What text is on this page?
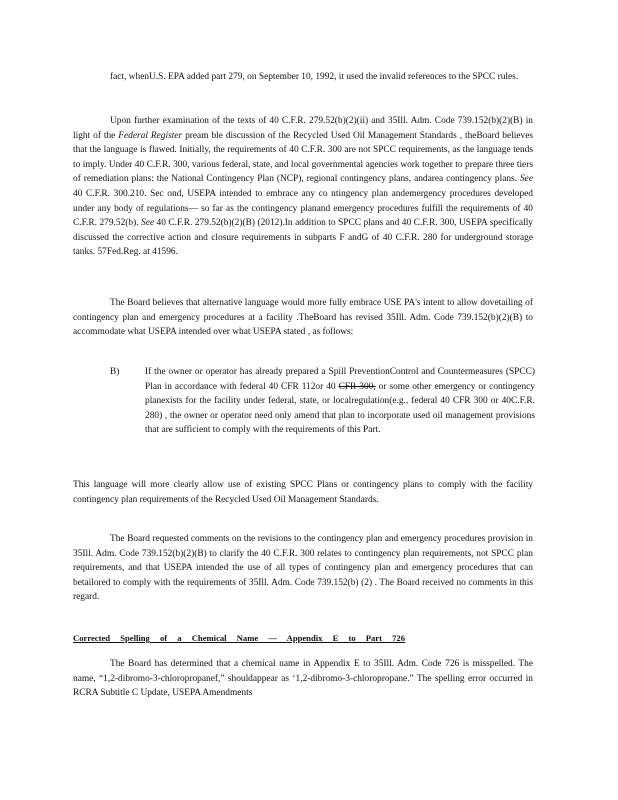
fact, whenU.S. EPA added part 279, on September 10, 1992, it used the invalid references to the SPCC rules.

Upon further examination of the texts of 40 C.F.R. 279.52(b)(2)(ii) and 35Ill. Adm. Code 739.152(b)(2)(B) in light of the Federal Register pream ble discussion of the Recycled Used Oil Management Standards , theBoard believes that the language is flawed. Initially, the requirements of 40 C.F.R. 300 are not SPCC requirements, as the language tends to imply. Under 40 C.F.R. 300, various federal, state, and local governmental agencies work together to prepare three tiers of remediation plans: the National Contingency Plan (NCP), regional contingency plans, andarea contingency plans. See 40 C.F.R. 300.210. Sec ond, USEPA intended to embrace any co ntingency plan andemergency procedures developed under any body of regulations— so far as the contingency planand emergency procedures fulfill the requirements of 40 C.F.R. 279.52(b). See 40 C.F.R. 279.52(b)(2)(B) (2012).In addition to SPCC plans and 40 C.F.R. 300, USEPA specifically discussed the corrective action and closure requirements in subparts F andG of 40 C.F.R. 280 for underground storage tanks. 57Fed.Reg. at 41596.

The Board believes that alternative language would more fully embrace USE PA's intent to allow dovetailing of contingency plan and emergency procedures at a facility .TheBoard has revised 35Ill. Adm. Code 739.152(b)(2)(B) to accommodate what USEPA intended over what USEPA stated , as follows:

B)	If the owner or operator has already prepared a Spill PreventionControl and Countermeasures (SPCC) Plan in accordance with federal 40 CFR 112or 40 CFR 300, or some other emergency or contingency planexists for the facility under federal, state, or localregulation(e.g., federal 40 CFR 300 or 40C.F.R. 280) , the owner or operator need only amend that plan to incorporate used oil management provisions that are sufficient to comply with the requirements of this Part.

This language will more clearly allow use of existing SPCC Plans or contingency plans to comply with the facility contingency plan requirements of the Recycled Used Oil Management Standards.

The Board requested comments on the revisions to the contingency plan and emergency procedures provision in 35Ill. Adm. Code 739.152(b)(2)(B) to clarify the 40 C.F.R. 300 relates to contingency plan requirements, not SPCC plan requirements, and that USEPA intended the use of all types of contingency plan and emergency procedures that can betailored to comply with the requirements of 35Ill. Adm. Code 739.152(b) (2) . The Board received no comments in this regard.

Corrected Spelling of a Chemical Name — Appendix E to Part 726

The Board has determined that a chemical name in Appendix E to 35Ill. Adm. Code 726 is misspelled. The name, “1,2-dibromo-3-chloropropanef,” shouldappear as ‘1,2-dibromo-3-chloropropane.” The spelling error occurred in RCRA Subtitle C Update, USEPA Amendments
